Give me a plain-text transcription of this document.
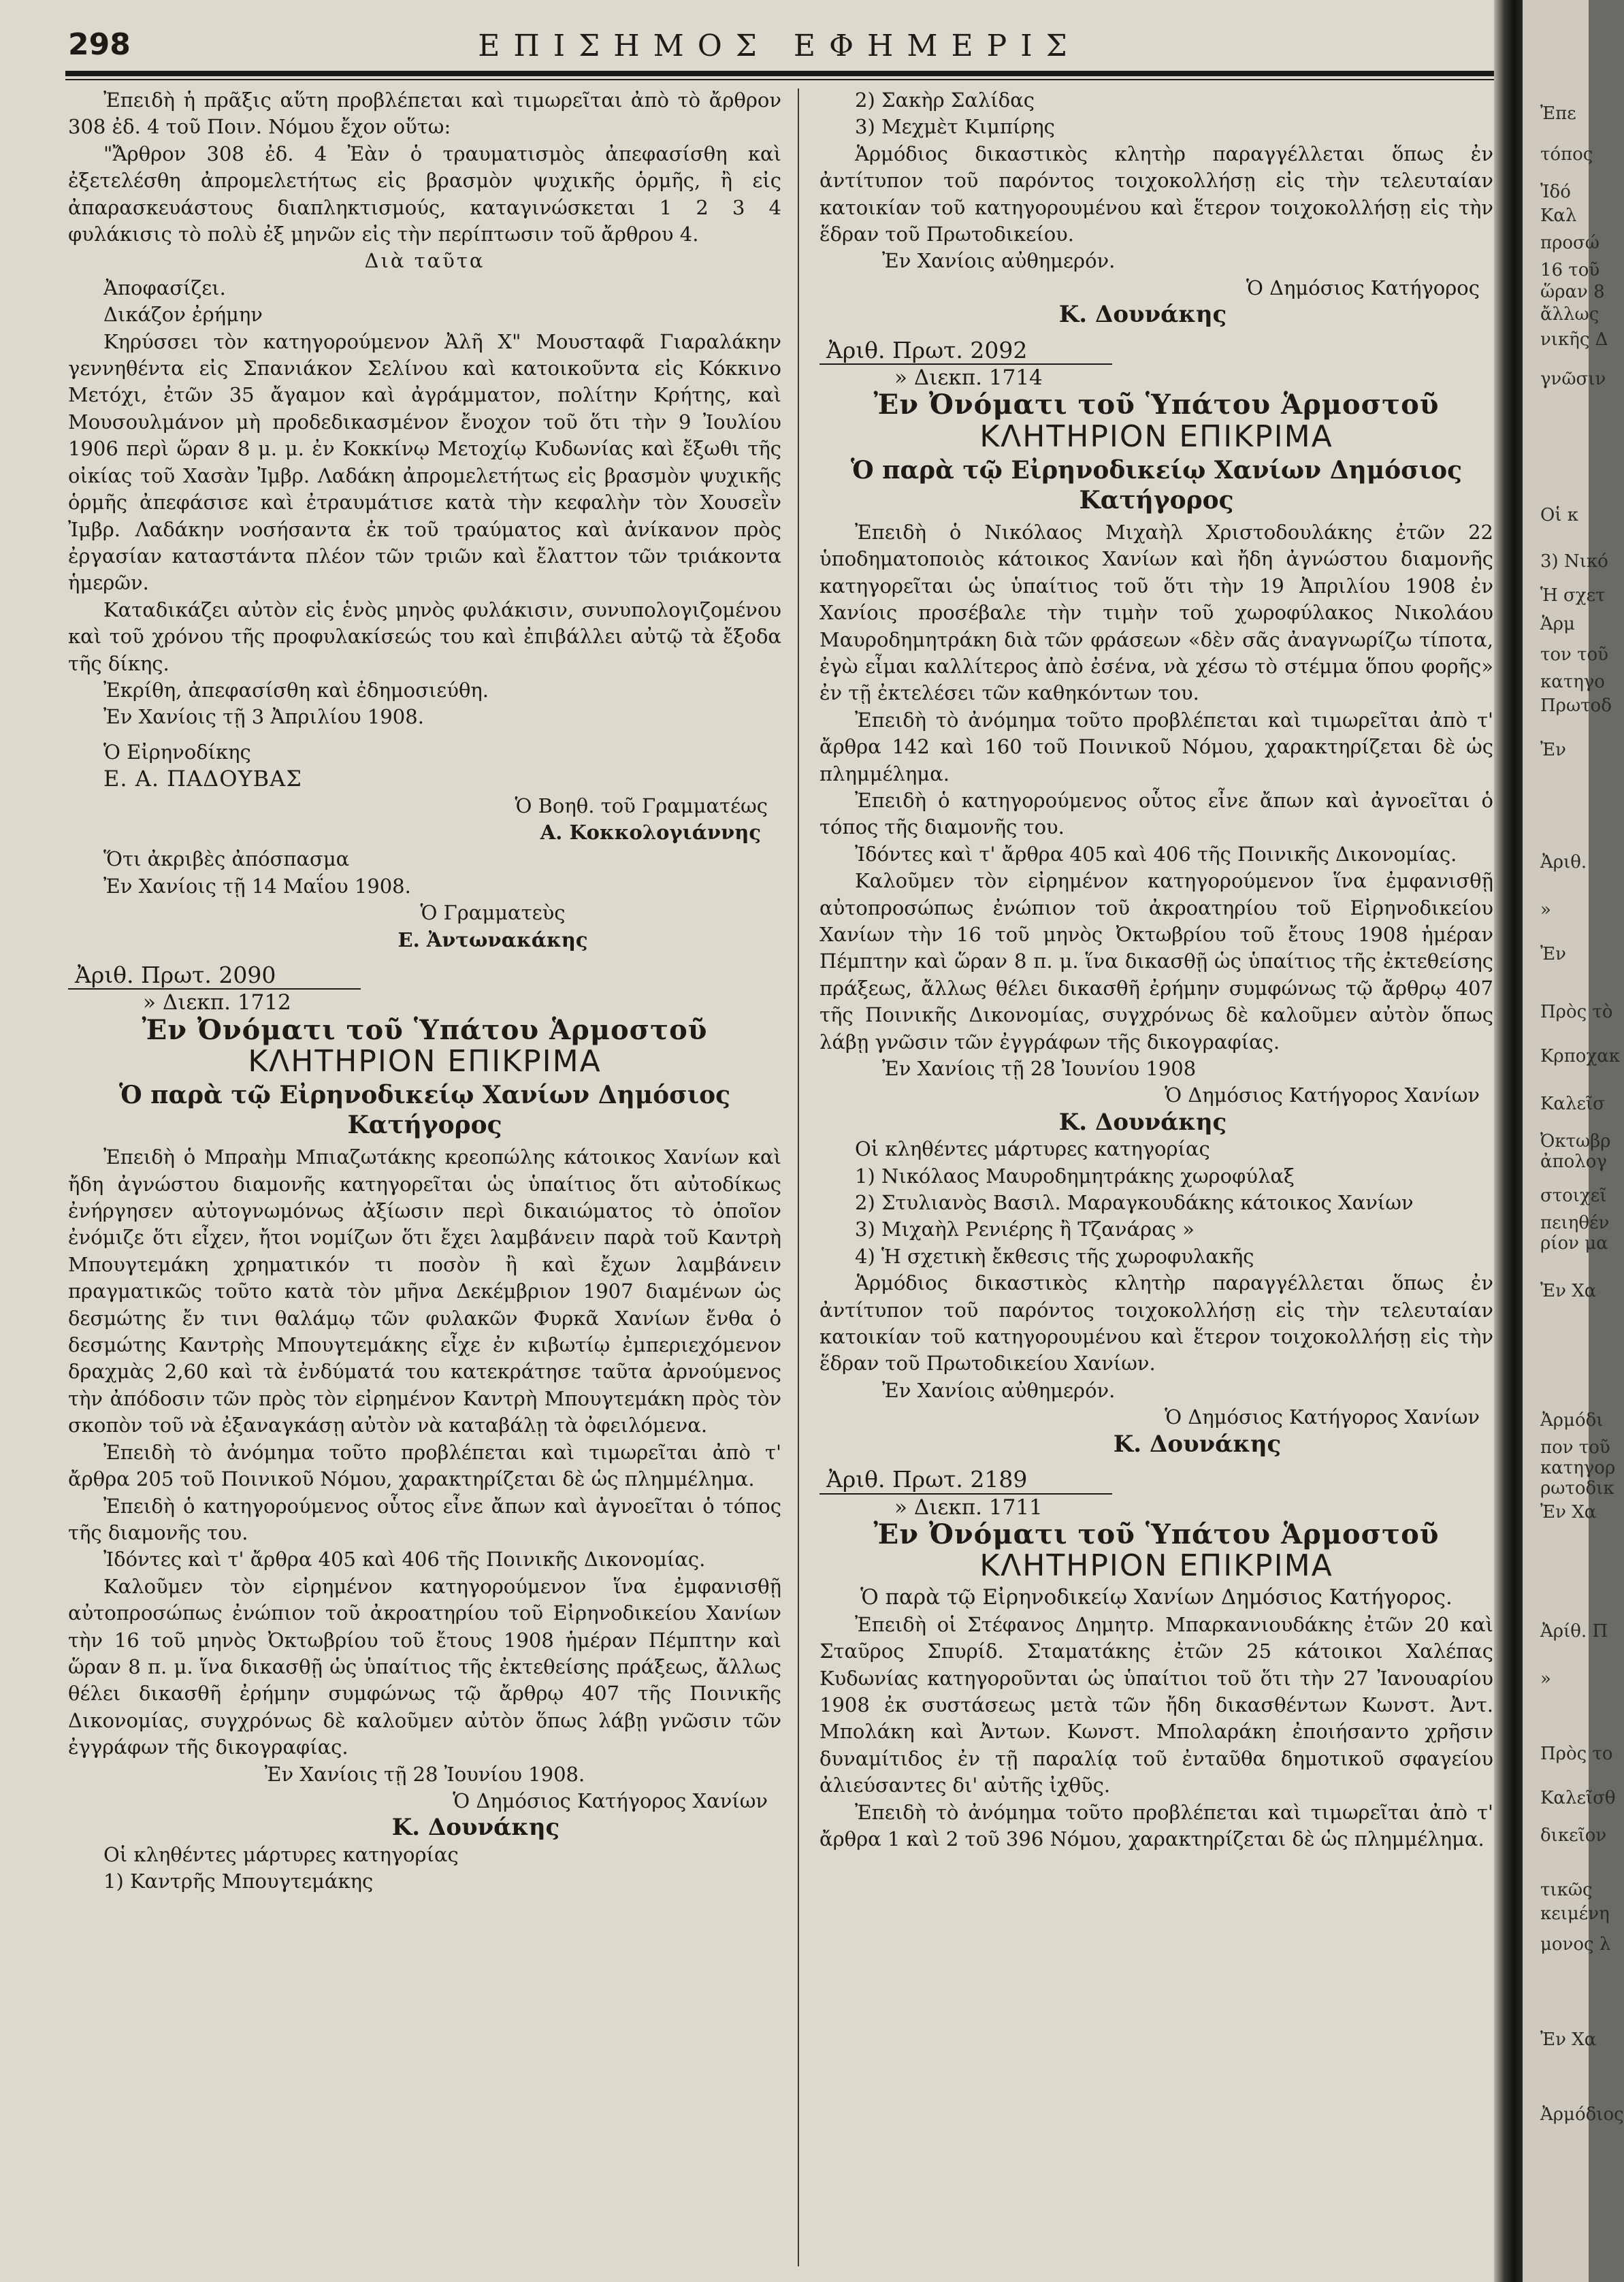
298	ΕΠΙΣΗΜΟΣ ΕΦΗΜΕΡΙΣ

Ἐπειδὴ ἡ πρᾶξις αὕτη προβλέπεται καὶ τιμωρεῖται ἀπὸ τὸ ἄρθρον 308 ἐδ. 4 τοῦ Ποιν. Νόμου ἔχον οὕτω:

"Ἄρθρον 308 ἐδ. 4 Ἐὰν ὁ τραυματισμὸς ἀπεφασίσθη καὶ ἐξετελέσθη ἀπρομελετήτως εἰς βρασμὸν ψυχικῆς ὁρμῆς, ἢ εἰς ἀπαρασκευάστους διαπληκτισμούς, καταγινώσκεται 1 2 3 4 φυλάκισις τὸ πολὺ ἐξ μηνῶν εἰς τὴν περίπτωσιν τοῦ ἄρθρου 4.

Διὰ ταῦτα

Ἀποφασίζει.

Δικάζον ἐρήμην

Κηρύσσει τὸν κατηγορούμενον Ἀλῆ Χ" Μουσταφᾶ Γιαραλάκην γεννηθέντα εἰς Σπανιάκον Σελίνου καὶ κατοικοῦντα εἰς Κόκκινο Μετόχι, ἐτῶν 35 ἄγαμον καὶ ἀγράμματον, πολίτην Κρήτης, καὶ Μουσουλμάνον μὴ προδεδικασμένον ἔνοχον τοῦ ὅτι τὴν 9 Ἰουλίου 1906 περὶ ὥραν 8 μ. μ. ἐν Κοκκίνῳ Μετοχίῳ Κυδωνίας καὶ ἔξωθι τῆς οἰκίας τοῦ Χασὰν Ἰμβρ. Λαδάκη ἀπρομελετήτως εἰς βρασμὸν ψυχικῆς ὁρμῆς ἀπεφάσισε καὶ ἐτραυμάτισε κατὰ τὴν κεφαλὴν τὸν Χουσεῒν Ἰμβρ. Λαδάκην νοσήσαντα ἐκ τοῦ τραύματος καὶ ἀνίκανον πρὸς ἐργασίαν καταστάντα πλέον τῶν τριῶν καὶ ἔλαττον τῶν τριάκοντα ἡμερῶν.

Καταδικάζει αὐτὸν εἰς ἑνὸς μηνὸς φυλάκισιν, συνυπολογιζομένου καὶ τοῦ χρόνου τῆς προφυλακίσεώς του καὶ ἐπιβάλλει αὐτῷ τὰ ἔξοδα τῆς δίκης.

Ἐκρίθη, ἀπεφασίσθη καὶ ἐδημοσιεύθη.

Ἐν Χανίοις τῇ 3 Ἀπριλίου 1908.

Ὁ Εἰρηνοδίκης

Ε. Α. ΠΑΔΟΥΒΑΣ

Ὁ Βοηθ. τοῦ Γραμματέως

Α. Κοκκολογιάννης

Ὅτι ἀκριβὲς ἀπόσπασμα

Ἐν Χανίοις τῇ 14 Μαΐου 1908.

Ὁ Γραμματεὺς

Ε. Ἀντωνακάκης

Ἀριθ. Πρωτ. 2090

» Διεκπ. 1712

Ἐν Ὀνόματι τοῦ Ὑπάτου Ἁρμοστοῦ

ΚΛΗΤΗΡΙΟΝ ΕΠΙΚΡΙΜΑ

Ὁ παρὰ τῷ Εἰρηνοδικείῳ Χανίων Δημόσιος Κατήγορος

Ἐπειδὴ ὁ Μπραὴμ Μπιαζωτάκης κρεοπώλης κάτοικος Χανίων καὶ ἤδη ἀγνώστου διαμονῆς κατηγορεῖται ὡς ὑπαίτιος ὅτι αὐτοδίκως ἐνήργησεν αὐτογνωμόνως ἀξίωσιν περὶ δικαιώματος τὸ ὁποῖον ἐνόμιζε ὅτι εἶχεν, ἤτοι νομίζων ὅτι ἔχει λαμβάνειν παρὰ τοῦ Καντρὴ Μπουγτεμάκη χρηματικόν τι ποσὸν ἢ καὶ ἔχων λαμβάνειν πραγματικῶς τοῦτο κατὰ τὸν μῆνα Δεκέμβριον 1907 διαμένων ὡς δεσμώτης ἔν τινι θαλάμῳ τῶν φυλακῶν Φυρκᾶ Χανίων ἔνθα ὁ δεσμώτης Καντρὴς Μπουγτεμάκης εἶχε ἐν κιβωτίῳ ἐμπεριεχόμενον δραχμὰς 2,60 καὶ τὰ ἐνδύματά του κατεκράτησε ταῦτα ἀρνούμενος τὴν ἀπόδοσιν τῶν πρὸς τὸν εἰρημένον Καντρὴ Μπουγτεμάκη πρὸς τὸν σκοπὸν τοῦ νὰ ἐξαναγκάσῃ αὐτὸν νὰ καταβάλῃ τὰ ὀφειλόμενα.

Ἐπειδὴ τὸ ἀνόμημα τοῦτο προβλέπεται καὶ τιμωρεῖται ἀπὸ τ' ἄρθρα 205 τοῦ Ποινικοῦ Νόμου, χαρακτηρίζεται δὲ ὡς πλημμέλημα.

Ἐπειδὴ ὁ κατηγορούμενος οὗτος εἶνε ἄπων καὶ ἀγνοεῖται ὁ τόπος τῆς διαμονῆς του.

Ἰδόντες καὶ τ' ἄρθρα 405 καὶ 406 τῆς Ποινικῆς Δικονομίας.

Καλοῦμεν τὸν εἰρημένον κατηγορούμενον ἵνα ἐμφανισθῇ αὐτοπροσώπως ἐνώπιον τοῦ ἀκροατηρίου τοῦ Εἰρηνοδικείου Χανίων τὴν 16 τοῦ μηνὸς Ὀκτωβρίου τοῦ ἔτους 1908 ἡμέραν Πέμπτην καὶ ὥραν 8 π. μ. ἵνα δικασθῇ ὡς ὑπαίτιος τῆς ἐκτεθείσης πράξεως, ἄλλως θέλει δικασθῆ ἐρήμην συμφώνως τῷ ἄρθρῳ 407 τῆς Ποινικῆς Δικονομίας, συγχρόνως δὲ καλοῦμεν αὐτὸν ὅπως λάβῃ γνῶσιν τῶν ἐγγράφων τῆς δικογραφίας.

Ἐν Χανίοις τῇ 28 Ἰουνίου 1908.

Ὁ Δημόσιος Κατήγορος Χανίων

Κ. Δουνάκης

Οἱ κληθέντες μάρτυρες κατηγορίας

1) Καντρῆς Μπουγτεμάκης

2) Σακὴρ Σαλίδας

3) Μεχμὲτ Κιμπίρης

Ἁρμόδιος δικαστικὸς κλητὴρ παραγγέλλεται ὅπως ἐν ἀντίτυπον τοῦ παρόντος τοιχοκολλήσῃ εἰς τὴν τελευταίαν κατοικίαν τοῦ κατηγορουμένου καὶ ἕτερον τοιχοκολλήσῃ εἰς τὴν ἕδραν τοῦ Πρωτοδικείου.

Ἐν Χανίοις αὐθημερόν.

Ὁ Δημόσιος Κατήγορος

Κ. Δουνάκης

Ἀριθ. Πρωτ. 2092

» Διεκπ. 1714

Ἐν Ὀνόματι τοῦ Ὑπάτου Ἁρμοστοῦ

ΚΛΗΤΗΡΙΟΝ ΕΠΙΚΡΙΜΑ

Ὁ παρὰ τῷ Εἰρηνοδικείῳ Χανίων Δημόσιος Κατήγορος

Ἐπειδὴ ὁ Νικόλαος Μιχαὴλ Χριστοδουλάκης ἐτῶν 22 ὑποδηματοποιὸς κάτοικος Χανίων καὶ ἤδη ἀγνώστου διαμονῆς κατηγορεῖται ὡς ὑπαίτιος τοῦ ὅτι τὴν 19 Ἀπριλίου 1908 ἐν Χανίοις προσέβαλε τὴν τιμὴν τοῦ χωροφύλακος Νικολάου Μαυροδημητράκη διὰ τῶν φράσεων «δὲν σᾶς ἀναγνωρίζω τίποτα, ἐγὼ εἶμαι καλλίτερος ἀπὸ ἐσένα, νὰ χέσω τὸ στέμμα ὅπου φορῆς» ἐν τῇ ἐκτελέσει τῶν καθηκόντων του.

Ἐπειδὴ τὸ ἀνόμημα τοῦτο προβλέπεται καὶ τιμωρεῖται ἀπὸ τ' ἄρθρα 142 καὶ 160 τοῦ Ποινικοῦ Νόμου, χαρακτηρίζεται δὲ ὡς πλημμέλημα.

Ἐπειδὴ ὁ κατηγορούμενος οὗτος εἶνε ἄπων καὶ ἀγνοεῖται ὁ τόπος τῆς διαμονῆς του.

Ἰδόντες καὶ τ' ἄρθρα 405 καὶ 406 τῆς Ποινικῆς Δικονομίας.

Καλοῦμεν τὸν εἰρημένον κατηγορούμενον ἵνα ἐμφανισθῇ αὐτοπροσώπως ἐνώπιον τοῦ ἀκροατηρίου τοῦ Εἰρηνοδικείου Χανίων τὴν 16 τοῦ μηνὸς Ὀκτωβρίου τοῦ ἔτους 1908 ἡμέραν Πέμπτην καὶ ὥραν 8 π. μ. ἵνα δικασθῇ ὡς ὑπαίτιος τῆς ἐκτεθείσης πράξεως, ἄλλως θέλει δικασθῆ ἐρήμην συμφώνως τῷ ἄρθρῳ 407 τῆς Ποινικῆς Δικονομίας, συγχρόνως δὲ καλοῦμεν αὐτὸν ὅπως λάβῃ γνῶσιν τῶν ἐγγράφων τῆς δικογραφίας.

Ἐν Χανίοις τῇ 28 Ἰουνίου 1908

Ὁ Δημόσιος Κατήγορος Χανίων

Κ. Δουνάκης

Οἱ κληθέντες μάρτυρες κατηγορίας

1) Νικόλαος Μαυροδημητράκης χωροφύλαξ

2) Στυλιανὸς Βασιλ. Μαραγκουδάκης κάτοικος Χανίων

3) Μιχαὴλ Ρενιέρης ἢ Τζανάρας »

4) Ἡ σχετικὴ ἔκθεσις τῆς χωροφυλακῆς

Ἁρμόδιος δικαστικὸς κλητὴρ παραγγέλλεται ὅπως ἐν ἀντίτυπον τοῦ παρόντος τοιχοκολλήσῃ εἰς τὴν τελευταίαν κατοικίαν τοῦ κατηγορουμένου καὶ ἕτερον τοιχοκολλήσῃ εἰς τὴν ἕδραν τοῦ Πρωτοδικείου Χανίων.

Ἐν Χανίοις αὐθημερόν.

Ὁ Δημόσιος Κατήγορος Χανίων

Κ. Δουνάκης

Ἀριθ. Πρωτ. 2189

» Διεκπ. 1711

Ἐν Ὀνόματι τοῦ Ὑπάτου Ἁρμοστοῦ

ΚΛΗΤΗΡΙΟΝ ΕΠΙΚΡΙΜΑ

Ὁ παρὰ τῷ Εἰρηνοδικείῳ Χανίων Δημόσιος Κατήγορος.

Ἐπειδὴ οἱ Στέφανος Δημητρ. Μπαρκανιουδάκης ἐτῶν 20 καὶ Σταῦρος Σπυρίδ. Σταματάκης ἐτῶν 25 κάτοικοι Χαλέπας Κυδωνίας κατηγοροῦνται ὡς ὑπαίτιοι τοῦ ὅτι τὴν 27 Ἰανουαρίου 1908 ἐκ συστάσεως μετὰ τῶν ἤδη δικασθέντων Κωνστ. Ἀντ. Μπολάκη καὶ Ἀντων. Κωνστ. Μπολαράκη ἐποιήσαντο χρῆσιν δυναμίτιδος ἐν τῇ παραλίᾳ τοῦ ἐνταῦθα δημοτικοῦ σφαγείου ἀλιεύσαντες δι' αὐτῆς ἰχθῦς.

Ἐπειδὴ τὸ ἀνόμημα τοῦτο προβλέπεται καὶ τιμωρεῖται ἀπὸ τ' ἄρθρα 1 καὶ 2 τοῦ 396 Νόμου, χαρακτηρίζεται δὲ ὡς πλημμέλημα.

Ἐπε
τόπος
Ἰδό
Καλ
προσώ
16 τοῦ
ὥραν 8
ἄλλως
νικῆς Δ
γνῶσιν
Οἱ κ
3) Νικό
Ἡ σχετ
Ἁρμ
τον τοῦ
κατηγο
Πρωτοδ
Ἐν
Ἀριθ.
»
Ἐν
Πρὸς τὸ
Κρποχακ
Καλεῖσ
Ὀκτωβρ
ἀπολογ
στοιχεῖ
πειηθέν
ρίον μα
Ἐν Χα
Ἀρμόδι
πον τοῦ
κατηγορ
ρωτοδικ
Ἐν Χα
Ἀρίθ. Π
»
Πρὸς το
Καλεῖσθ
δικεῖον
τικῶς
κειμένη
μονος λ
Ἐν Χα
Ἀρμόδιος
